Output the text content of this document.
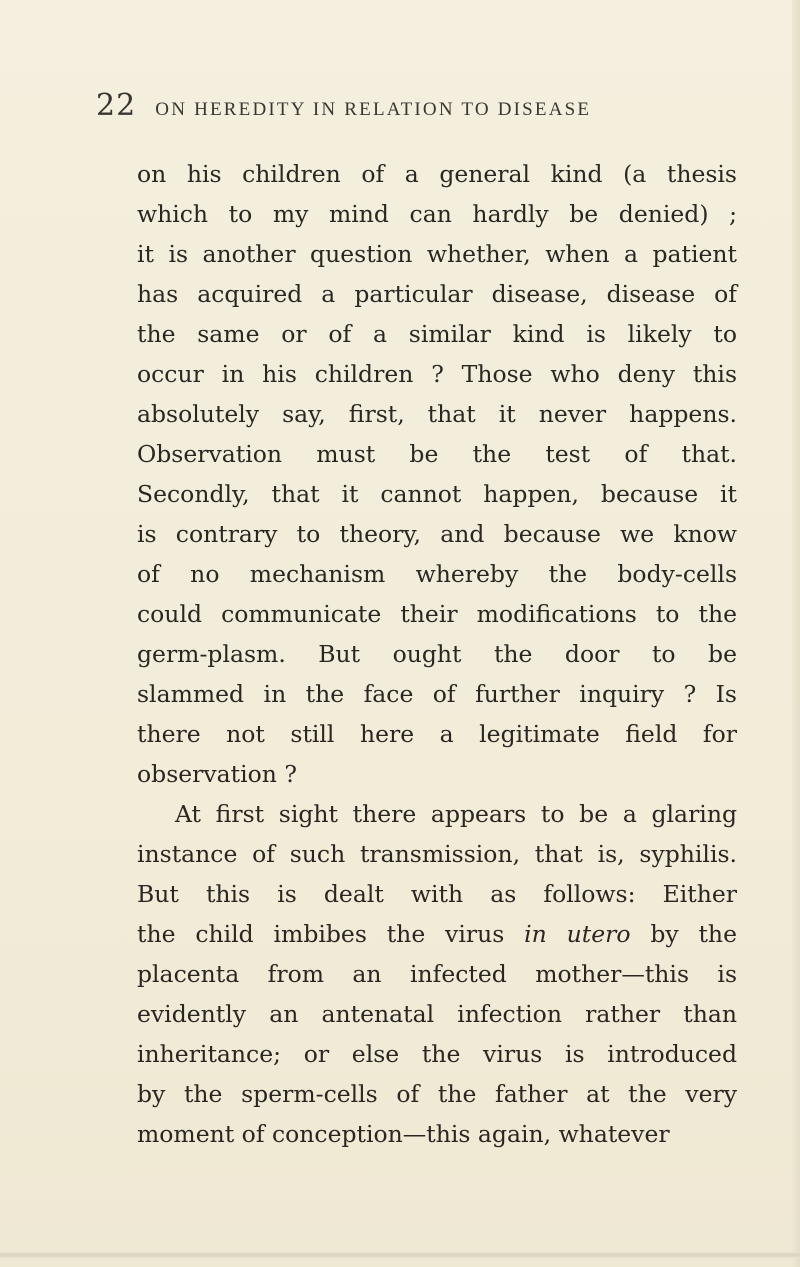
22 ON HEREDITY IN RELATION TO DISEASE
on his children of a general kind (a thesis
which to my mind can hardly be denied) ;
it is another question whether, when a patient
has acquired a particular disease, disease of
the same or of a similar kind is likely to
occur in his children ? Those who deny this
absolutely say, first, that it never happens.
Observation must be the test of that.
Secondly, that it cannot happen, because it
is contrary to theory, and because we know
of no mechanism whereby the body-cells
could communicate their modifications to the
germ-plasm. But ought the door to be
slammed in the face of further inquiry ? Is
there not still here a legitimate field for
observation ?
At first sight there appears to be a glaring
instance of such transmission, that is, syphilis.
But this is dealt with as follows: Either
the child imbibes the virus in utero by the
placenta from an infected mother—this is
evidently an antenatal infection rather than
inheritance; or else the virus is introduced
by the sperm-cells of the father at the very
moment of conception—this again, whatever
